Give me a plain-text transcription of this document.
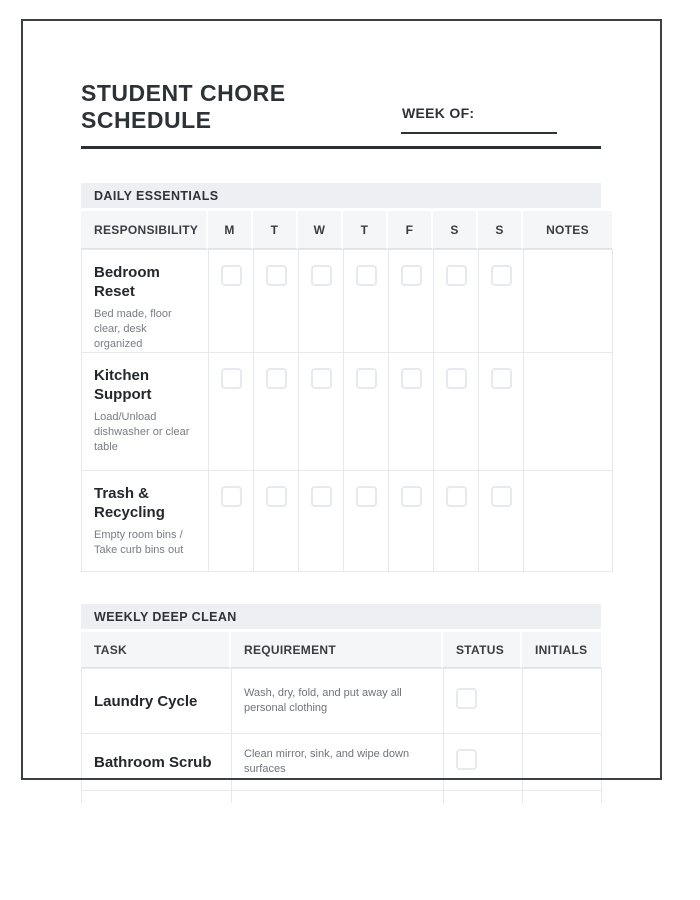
STUDENT CHORE SCHEDULE	WEEK OF:
DAILY ESSENTIALS
RESPONSIBILITY	M	T	W	T	F	S	S	NOTES
Bedroom Reset
Bed made, floor clear, desk organized								

Kitchen Support
Load/Unload dishwasher or clear table								

Trash & Recycling
Empty room bins / Take curb bins out								

WEEKLY DEEP CLEAN
TASK	REQUIREMENT	STATUS	INITIALS
Laundry Cycle	Wash, dry, fold, and put away all personal clothing		

Bathroom Scrub	Clean mirror, sink, and wipe down surfaces		
